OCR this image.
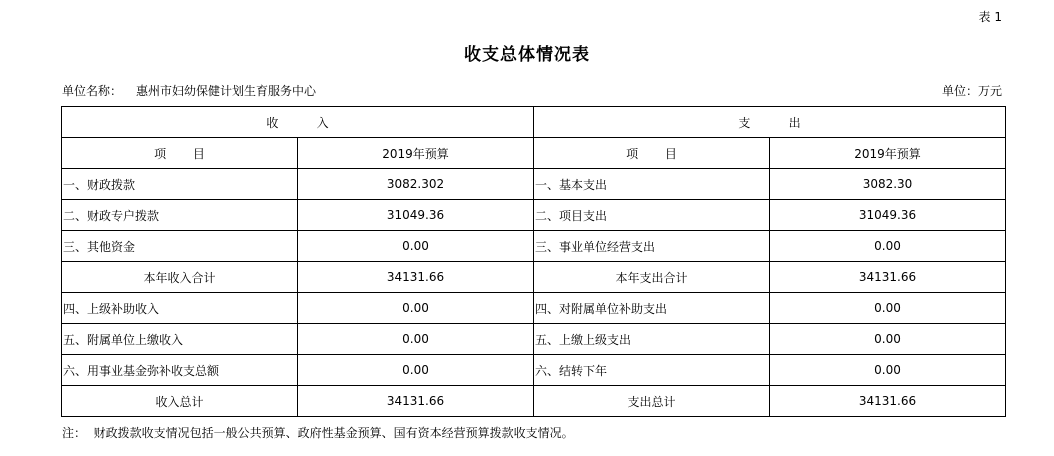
表 1
收支总体情况表
单位名称： 惠州市妇幼保健计划生育服务中心	单位：万元
收          入		支          出	
项       目	2019年预算	项       目	2019年预算
一、财政拨款	3082.302	一、基本支出	3082.30
二、财政专户拨款	31049.36	二、项目支出	31049.36
三、其他资金	0.00	三、事业单位经营支出	0.00
本年收入合计	34131.66	本年支出合计	34131.66
四、上级补助收入	0.00	四、对附属单位补助支出	0.00
五、附属单位上缴收入	0.00	五、上缴上级支出	0.00
六、用事业基金弥补收支总额	0.00	六、结转下年	0.00
收入总计	34131.66	支出总计	34131.66
注：  财政拨款收支情况包括一般公共预算、政府性基金预算、国有资本经营预算拨款收支情况。
